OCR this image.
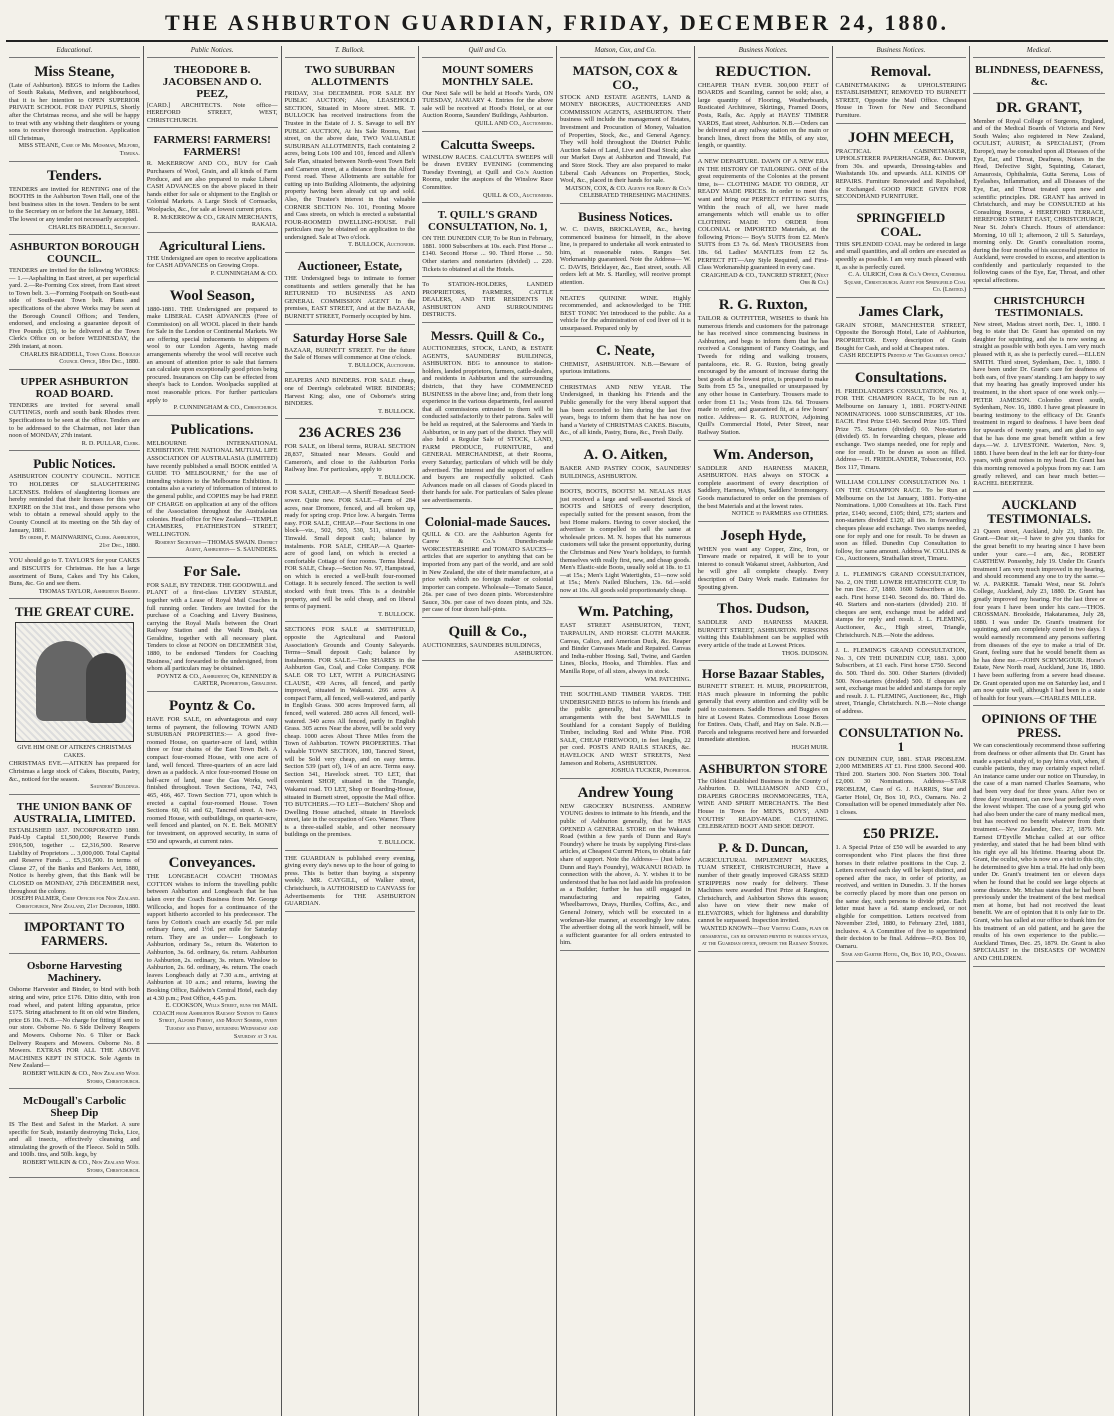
THE ASHBURTON GUARDIAN, FRIDAY, DECEMBER 24, 1880.
Educational.
Miss Steane,
(Late of Ashburton). BEGS to inform the Ladies of South Rakaia, Methven, and neighbourhood, that it is her intention to OPEN SUPERIOR PRIVATE SCHOOL FOR DAY PUPILS, Shortly after the Christmas recess, and she will be happy to treat with any wishing their daughters or young sons to receive thorough instruction. Application till Christmas,
MISS STEANE, Care of Mr. Mossman, Milford, Temuka.
Tenders.
TENDERS are invited for RENTING one of the BOOTHS in the Ashburton Town Hall, one of the best business sites in the town. Tenders to be sent to the Secretary on or before the 1st January, 1881. The lowest or any tender not necessarily accepted.
CHARLES BRADDELL, Secretary.
ASHBURTON BOROUGH COUNCIL.
TENDERS are invited for the following WORKS:— 1.—Asphalting in East street, at per superficial yard. 2.—Re-Forming Cox street, from East street to Town belt. 3.—Forming Footpath on South-east side of South-east Town belt. Plans and specifications of the above Works may be seen at the Borough Council Offices; and Tenders, endorsed, and enclosing a guarantee deposit of Five Pounds (£5), to be delivered at the Town Clerk's Office on or before WEDNESDAY, the 29th instant, at noon.
CHARLES BRADDELL, Town Clerk. Borough Council Office, 18th Dec., 1880.
UPPER ASHBURTON ROAD BOARD.
TENDERS are invited for several small CUTTINGS, north and south bank Rhodes river. Specifications to be seen at the office. Tenders are to be addressed to the Chairman, not later than noon of MONDAY, 27th instant.
R. D. PULLAR, Clerk.
Public Notices.
ASHBURTON COUNTY COUNCIL. NOTICE TO HOLDERS OF SLAUGHTERING LICENSES. Holders of slaughtering licenses are hereby reminded that their licenses for this year EXPIRE on the 31st inst., and those persons who wish to obtain a renewal should apply to the County Council at its meeting on the 5th day of January, 1881.
By order, F. MAINWARING, Clerk. Ashburton, 21st Dec., 1880.
YOU should go to T. TAYLOR'S for your CAKES and BISCUITS for Christmas. He has a large assortment of Buns, Cakes and Try his Cakes, Buns, &c. Go and see them.
THOMAS TAYLOR, Ashburton Bakery.
THE GREAT CURE.
GIVE HIM ONE OF AITKEN'S CHRISTMAS CAKES.
CHRISTMAS EVE.—AITKEN has prepared for Christmas a large stock of Cakes, Biscuits, Pastry, &c., noticed for the season.
Saunders' Buildings.
THE UNION BANK OF AUSTRALIA, LIMITED.
ESTABLISHED 1837. INCORPORATED 1880. Paid-Up Capital £1,500,000; Reserve Funds £916,500, together ... £2,316,500. Reserve Liability of Proprietors ... 3,000,000. Total Capital and Reserve Funds ... £5,316,500. In terms of Clause 27, of the Banks and Bankers Act, 1880, Notice is hereby given, that this Bank will be CLOSED on MONDAY, 27th DECEMBER next, throughout the colony.
JOSEPH PALMER, Chief Officer for New Zealand. Christchurch, New Zealand, 21st December, 1880.
IMPORTANT TO FARMERS.
Osborne Harvesting Machinery.
Osborne Harvester and Binder, to bind with both string and wire, price £176. Ditto ditto, with iron road wheel, and patent lifting apparatus, price £175. String attachment to fit on old wire Binders, price £6 10s. N.B.—No charge for fitting if sent to our store. Osborne No. 6 Side Delivery Reapers and Mowers. Osborne No. 6 Tilter or Back Delivery Reapers and Mowers. Osborne No. 8 Mowers. EXTRAS FOR ALL THE ABOVE MACHINES KEPT IN STOCK. Sole Agents in New Zealand—
ROBERT WILKIN & CO., New Zealand Wool Stores, Christchurch.
McDougall's Carbolic Sheep Dip
IS The Best and Safest in the Market. A sure specific for Scab, instantly destroying Ticks, Lice, and all insects, effectively cleansing and stimulating the growth of the Fleece. Sold in 50lb. and 100lb. tins, and 50lb. kegs, by
ROBERT WILKIN & CO., New Zealand Wool Stores, Christchurch.
Public Notices.
THEODORE B. JACOBSEN AND O. PEEZ,
[CARD.] ARCHITECTS. Note office— HEREFORD STREET, WEST, CHRISTCHURCH.
FARMERS! FARMERS! FARMERS!
R. McKERROW AND CO., BUY for Cash Purchasers of Wool, Grain, and all kinds of Farm Produce, and are also prepared to make Liberal CASH ADVANCES on the above placed in their hands either for sale or shipment to the English or Colonial Markets. A Large Stock of Cornsacks, Woolpacks, &c., for sale at lowest current prices.
R. McKERROW & CO., GRAIN MERCHANTS, RAKAIA.
Agricultural Liens.
THE Undersigned are open to receive applications for CASH ADVANCES on Growing Crops.
P. CUNNINGHAM & CO.
Wool Season,
1880-1881. THE Undersigned are prepared to make LIBERAL CASH ADVANCES (Free of Commission) on all WOOL placed in their hands for Sale in the London or Continental Markets. We are offering special inducements to shippers of wool to our London Agents, having made arrangements whereby the wool will receive such an amount of attention prior to sale that farmers can calculate upon exceptionally good prices being procured. Insurances on Clip can be effected from sheep's back to London. Woolpacks supplied at most reasonable prices. For further particulars apply to
P. CUNNINGHAM & CO., Christchurch.
Publications.
MELBOURNE INTERNATIONAL EXHIBITION. THE NATIONAL MUTUAL LIFE ASSOCIATION OF AUSTRALASIA (LIMITED) have recently published a small BOOK entitled 'A GUIDE TO MELBOURNE,' for the use of intending visitors to the Melbourne Exhibition. It contains also a variety of information of interest to the general public, and COPIES may be had FREE OF CHARGE on application at any of the offices of the Association throughout the Australasian colonies. Head office for New Zealand—TEMPLE CHAMBERS, FEATHERSTON STREET, WELLINGTON.
Resident Secretary—THOMAS SWAIN. District Agent, Ashburton— S. SAUNDERS.
For Sale.
FOR SALE, BY TENDER. THE GOODWILL and PLANT of a first-class LIVERY STABLE, together with a Lease of Royal Mail Coaches in full running order. Tenders are invited for the purchase of a Coaching and Livery Business, carrying the Royal Mails between the Orari Railway Station and the Waihi Bush, via Geraldine, together with all necessary plant. Tenders to close at NOON on DECEMBER 31st, 1880, to be endorsed 'Tenders for Coaching Business,' and forwarded to the undersigned, from whom all particulars may be obtained.
POYNTZ & CO., Ashburton; Or, KENNEDY & CARTER, Proprietors, Geraldine.
Poyntz & Co.
HAVE FOR SALE, on advantageous and easy terms of payment, the following TOWN AND SUBURBAN PROPERTIES:— A good five-roomed House, on quarter-acre of land, within three or four chains of the East Town Belt. A compact four-roomed House, with one acre of land, well fenced. Three-quarters of an acre laid down as a paddock. A nice four-roomed House on half-acre of land, near the Gas Works, well finished throughout. Town Sections, 742, 743, 465, 466, 467. Town Section 771, upon which is erected a capital four-roomed House. Town Sections 60, 61 and 62, Tancred street. A two-roomed House, with outbuildings, on quarter-acre, well fenced and planted, on N. E. Belt. MONEY for investment, on approved security, in sums of £50 and upwards, at current rates.
Conveyances.
THE LONGBEACH COACH! THOMAS COTTON wishes to inform the travelling public between Ashburton and Longbeach that he has taken over the Coach Business from Mr. George Willcocks, and hopes for a continuance of the support hitherto accorded to his predecessor. The fares by Cotton's coach are exactly 5d. per mile ordinary fares, and 1½d. per mile for Saturday return. They are as under— Longbeach to Ashburton, ordinary 5s., return 8s. Waterton to Ashburton, 3s. 6d. ordinary, 6s. return. Ashburton to Ashburton, 2s. ordinary, 3s. return. Winslow to Ashburton, 2s. 6d. ordinary, 4s. return. The coach leaves Longbeach daily at 7.30 a.m., arriving at Ashburton at 10 a.m.; and returns, leaving the Booking Office, Baldwin's Central Hotel, each day at 4.30 p.m.; Post Office, 4.45 p.m.
E. COOKSON, Wills Street, runs the MAIL COACH from Ashburton Railway Station to Green Street, Alford Forest, and Mount Somers, every Tuesday and Friday, returning Wednesday and Saturday at 3 p.m.
T. Bullock.
TWO SUBURBAN ALLOTMENTS
FRIDAY, 31st DECEMBER. FOR SALE BY PUBLIC AUCTION; Also, LEASEHOLD SECTION, Situated in Moore street. MR. T. BULLOCK has received instructions from the Trustee in the Estate of J. S. Savage to sell BY PUBLIC AUCTION, At his Sale Rooms, East street, on the above date, TWO VALUABLE SUBURBAN ALLOTMENTS, Each containing 2 acres, being Lots 100 and 101, fenced and Allen's Sale Plan, situated between North-west Town Belt and Cameron street, at a distance from the Alford Forest road. These Allotments are suitable for cutting up into Building Allotments, the adjoining property having been already cut up and sold. Also, the Trustee's interest in that valuable CORNER SECTION No. 101, Fronting Moore and Cass streets, on which is erected a substantial FOUR-ROOMED DWELLING-HOUSE. Full particulars may be obtained on application to the undersigned. Sale at Two o'clock.
T. BULLOCK, Auctioneer.
Auctioneer, Estate,
THE Undersigned begs to intimate to former constituents and settlers generally that he has RETURNED TO BUSINESS AS AND GENERAL COMMISSION AGENT In the premises, EAST STREET, And at the BAZAAR, BURNETT STREET, Formerly occupied by him.
Saturday Horse Sale
BAZAAR, BURNETT STREET. For the future the Sale of Horses will commence at One o'clock.
T. BULLOCK, Auctioneer.
REAPERS AND BINDERS. FOR SALE cheap, one of Deering's celebrated WIRE BINDERS; Harvest King; also, one of Osborne's string BINDERS.
T. BULLOCK.
236 ACRES 236
FOR SALE, on liberal terms, RURAL SECTION 28,837, Situated near Messrs. Gould and Cameron's, and close to the Ashburton Forks Railway line. For particulars, apply to
T. BULLOCK.
FOR SALE, CHEAP.—A Sheriff Broadcast Seed-sower. Quite new. FOR SALE.—Farm of 284 acres, near Dromore, fenced, and all broken up, ready for spring crop. Price low. A bargain. Terms easy. FOR SALE, CHEAP.—Four Sections in one block—viz., 502, 503, 530, 511, situated in Tinwald. Small deposit cash; balance by instalments. FOR SALE, CHEAP.—A Quarter-acre of good land, on which is erected a comfortable Cottage of four rooms. Terms liberal. FOR SALE, Cheap.—Section No. 97, Hampstead, on which is erected a well-built four-roomed Cottage. It is securely fenced. The section is well stocked with fruit trees. This is a desirable property, and will be sold cheap, and on liberal terms of payment.
T. BULLOCK.
SECTIONS FOR SALE at SMITHFIELD, opposite the Agricultural and Pastoral Association's Grounds and County Saleyards. Terms—Small deposit Cash; balance by instalments. FOR SALE.—Ten SHARES in the Ashburton Gas, Coal, and Coke Company. FOR SALE OR TO LET, WITH A PURCHASING CLAUSE, 439 Acres, all fenced, and partly improved, situated in Wakanui. 266 acres A compact Farm, all fenced, well-watered, and partly in English Grass. 300 acres Improved farm, all fenced, well watered. 280 acres All fenced, well-watered. 340 acres All fenced, partly in English Grass. 305 acres Near the above, will be sold very cheap. 1000 acres About Three Miles from the Town of Ashburton. TOWN PROPERTIES. That valuable TOWN SECTION, 180, Tancred Street, will be Sold very cheap, and on easy terms. Section 539 (part of), 1/4 of an acre. Terms easy. Section 341, Havelock street. TO LET, that convenient SHOP, situated in the Triangle, Wakanui road. TO LET, Shop or Boarding-House, situated in Burnett street, opposite the Mail office. TO BUTCHERS.—TO LET—Butchers' Shop and Dwelling House attached, situate in Havelock street, late in the occupation of Geo. Warner. There is a three-stalled stable, and other necessary buildings on the premises.
T. BULLOCK.
THE GUARDIAN is published every evening, giving every day's news up to the hour of going to press. This is better than buying a sixpenny weekly. MR. CAYGILL, of Walker street, Christchurch, is AUTHORISED to CANVASS for Advertisements for THE ASHBURTON GUARDIAN.
Quill and Co.
MOUNT SOMERS MONTHLY SALE.
Our Next Sale will be held at Hood's Yards, ON TUESDAY, JANUARY 4. Entries for the above sale will be received at Hood's Hotel, or at our Auction Rooms, Saunders' Buildings, Ashburton.
QUILL AND CO., Auctioneers.
Calcutta Sweeps.
WINSLOW RACES. CALCUTTA SWEEPS will be drawn EVERY EVENING (commencing Tuesday Evening), at Quill and Co.'s Auction Rooms, under the auspices of the Winslow Race Committee.
QUILL & CO., Auctioneers.
T. QUILL'S GRAND CONSULTATION, No. 1,
ON THE DUNEDIN CUP, To be Run in February, 1881. 1000 Subscribers at 10s. each. First Horse ... £140. Second Horse ... 90. Third Horse ... 50. Other starters and nonstarters (divided) ... 220. Tickets to obtained at all the Hotels.
To STATION-HOLDERS, LANDED PROPRIETORS, FARMERS, CATTLE DEALERS, AND THE RESIDENTS IN ASHBURTON AND SURROUNDING DISTRICTS.
Messrs. Quill & Co.,
AUCTIONEERS, STOCK, LAND, & ESTATE AGENTS, SAUNDERS' BUILDINGS, ASHBURTON. BEG to announce to station-holders, landed proprietors, farmers, cattle-dealers, and residents in Ashburton and the surrounding districts, that they have COMMENCED BUSINESS in the above line; and, from their long experience in the various departments, feel assured that all commissions entrusted to them will be conducted satisfactorily to their patrons. Sales will be held as required, at the Salerooms and Yards in Ashburton, or in any part of the district. They will also hold a Regular Sale of STOCK, LAND, FARM PRODUCE, FURNITURE, and GENERAL MERCHANDISE, at their Rooms, every Saturday, particulars of which will be duly advertised. The interest and the support of sellers and buyers are respectfully solicited. Cash Advances made on all classes of Goods placed in their hands for sale. For particulars of Sales please see advertisements.
Colonial-made Sauces.
QUILL & CO. are the Ashburton Agents for Carew & Co.'s Dunedin-made WORCESTERSHIRE and TOMATO SAUCES—articles that are superior to anything that can be imported from any part of the world, and are sold in New Zealand, the site of their manufacture, at a price with which no foreign maker or colonial importer can compete. Wholesale—Tomato Sauce, 26s. per case of two dozen pints. Worcestershire Sauce, 30s. per case of two dozen pints, and 32s. per case of four dozen half-pints.
Quill & Co.,
AUCTIONEERS, SAUNDERS BUILDINGS,
ASHBURTON.
Matson, Cox, and Co.
MATSON, COX & CO.,
STOCK AND ESTATE AGENTS, LAND & MONEY BROKERS, AUCTIONEERS AND COMMISSION AGENTS, ASHBURTON. Their business will include the management of Estates, Investment and Procuration of Money, Valuation of Properties, Stock, &c., and General Agency. They will hold throughout the District Public Auction Sales of Land, Live and Dead Stock; also our Market Days at Ashburton and Tinwald, Fat and Store Stock. They are also prepared to make Liberal Cash Advances on Properties, Stock, Wool, &c., placed in their hands for sale.
MATSON, COX, & CO. Agents for Robey & Co.'s CELEBRATED THRESHING MACHINES.
Business Notices.
W. C. DAVIS, BRICKLAYER, &c., having commenced business for himself, in the above line, is prepared to undertake all work entrusted to him, at reasonable rates. Ranges Set. Workmanship guaranteed. Note the Address— W. C. DAVIS, Bricklayer, &c., East street, south. All orders left at Mr. S. Hardley, will receive prompt attention.
NEATE'S QUININE WINE. Highly recommended, and acknowledged to be THE BEST TONIC Yet introduced to the public. As a vehicle for the administration of cod liver oil it is unsurpassed. Prepared only by
C. Neate,
CHEMIST, ASHBURTON. N.B.—Beware of spurious imitations.
CHRISTMAS AND NEW YEAR. The Undersigned, in thanking his Friends and the Public generally for the very liberal support that has been accorded to him during the last five years, begs to inform them that he has now on hand a Variety of CHRISTMAS CAKES. Biscuits, &c., of all kinds, Pastry, Buns, &c., Fresh Daily.
A. O. Aitken,
BAKER AND PASTRY COOK, SAUNDERS' BUILDINGS, ASHBURTON.
BOOTS, BOOTS, BOOTS! M. NEALAS HAS just received a large and well-assorted Stock of BOOTS and SHOES of every description, especially suited for the present season, from the best Home makers. Having to cover stocked, the advertiser is compelled to sell the same at wholesale prices. M. N. hopes that his numerous customers will take the present opportunity, during the Christmas and New Year's holidays, to furnish themselves with really first, new, and cheap goods. Men's Elastic-side Boots, usually sold at 18s. to £1—at 15s.; Men's Light Watertights, £1—now sold at 15s.; Men's Nailed Bluchers, 13s. 6d.—sold now at 10s. All goods sold proportionately cheap.
Wm. Patching,
EAST STREET ASHBURTON, TENT, TARPAULIN, AND HORSE CLOTH MAKER. Canvas, Calico, and American Duck, &c. Reaper and Binder Canvases Made and Repaired. Canvas and India-rubber Hosing. Sail, Twine, and Garden Lines, Blocks, Hooks, and Thimbles. Flax and Manilla Rope, of all sizes, always in stock.
WM. PATCHING.
THE SOUTHLAND TIMBER YARDS. THE UNDERSIGNED BEGS to inform his friends and the public generally, that he has made arrangements with the best SAWMILLS in Southland for a constant Supply of Building Timber, including Red and White Pine. FOR SALE, CHEAP FIREWOOD, in feet lengths, 22 per cord. POSTS AND RAILS STAKES, &c. HAVELOCK AND WEST STREETS, Next Jameson and Roberts, ASHBURTON.
JOSHUA TUCKER, Proprietor.
Andrew Young
NEW GROCERY BUSINESS. ANDREW YOUNG desires to intimate to his friends, and the public of Ashburton generally, that he HAS OPENED A GENERAL STORE on the Wakanui Road (within a few yards of Dunn and Ray's Foundry) where he trusts by supplying First-class articles, at Cheapest Current Prices, to obtain a fair share of support. Note the Address— (Just below Dunn and Ray's Foundry), WAKANUI ROAD. In connection with the above, A. Y. wishes it to be understood that he has not laid aside his profession as a Builder; further he has still engaged in manufacturing and repairing Gates, Wheelbarrows, Drays, Hurdles, Coffins, &c., and General Joinery, which will be executed in a workman-like manner, at exceedingly low rates. The advertiser doing all the work himself, will be a sufficient guarantee for all orders entrusted to him.
Business Notices.
REDUCTION.
CHEAPER THAN EVER. 300,000 FEET of BOARDS and Scantling, cannot be sold; also, a large quantity of Flooring, Weatherboards, Rusticated Architrave, Skirtings, Framed Doors, Posts, Rails, &c. Apply at HAYES' TIMBER YARDS, East street, Ashburton. N.B.—Orders can be delivered at any railway station on the main or branch lines, direct from the Mills, of any size, length, or quantity.
A NEW DEPARTURE. DAWN OF A NEW ERA IN THE HISTORY OF TAILORING. ONE of the great requirements of the Colonies at the present time, is— CLOTHING MADE TO ORDER, AT READY MADE PRICES. In order to meet this want and bring our PERFECT FITTING SUITS, Within the reach of all, we have made arrangements which will enable us to offer CLOTHING MADE TO ORDER from COLONIAL or IMPORTED Materials, at the following Prices:— Boy's SUITS from £2. Men's SUITS from £3 7s. 6d. Men's TROUSERS from 18s. 6d. Ladies' MANTLES from £2 5s. PERFECT FIT—Any Style Required, and First-Class Workmanship guaranteed in every case.
CRAIGHEAD & CO., TANCRED STREET, (Next Orr & Co.)
R. G. Ruxton,
TAILOR & OUTFITTER, WISHES to thank his numerous friends and customers for the patronage he has received since commencing business in Ashburton, and begs to inform them that he has received a Consignment of Fancy Coatings, and Tweeds for riding and walking trousers, pantaloons, etc. R. G. Ruxton, being greatly encouraged by the amount of increase during the best goods at the lowest price, is prepared to make Suits from £5 5s., unequalled or unsurpassed by any other house in Canterbury. Trousers made to order from £1 1s.; Vests from 12s. 6d. Trousers made to order, and guaranteed fit, at a few hours' notice. Address— R. G. RUXTON, Adjoining Quill's Commercial Hotel, Peter Street, near Railway Station.
Wm. Anderson,
SADDLER AND HARNESS MAKER, ASHBURTON. HAS always on STOCK a complete assortment of every description of Saddlery, Harness, Whips, Saddlers' Ironmongery. Goods manufactured to order on the premises of the best Materials and at the lowest rates.
NOTICE to FARMERS and OTHERS.
Joseph Hyde,
WHEN you want any Copper, Zinc, Iron, or Tinware made or repaired, it will be to your interest to consult Wakanui street, Ashburton, And he will give all complete cheaply. Every description of Dairy Work made. Estimates for Spouting given.
Thos. Dudson,
SADDLER AND HARNESS MAKER. BURNETT STREET, ASHBURTON. PERSONS visiting this Establishment can be supplied with every article of the trade at Lowest Prices.
THOS. DUDSON.
Horse Bazaar Stables,
BURNETT STREET. H. MUIR, PROPRIETOR, HAS much pleasure in informing the public generally that every attention and civility will be paid to customers. Saddle Horses and Buggies on hire at Lowest Rates. Commodious Loose Boxes for Entires. Oats, Chaff, and Hay on Sale. N.B.—Parcels and telegrams received here and forwarded immediate attention.
HUGH MUIR.
ASHBURTON STORE
The Oldest Established Business in the County of Ashburton. D. WILLIAMSON AND CO., DRAPERS GROCERS IRONMONGERS, TEA, WINE AND SPIRIT MERCHANTS. The Best House in Town for MEN'S, BOYS', AND YOUTHS' READY-MADE CLOTHING. CELEBRATED BOOT AND SHOE DEPOT.
P. & D. Duncan,
AGRICULTURAL IMPLEMENT MAKERS, TUAM STREET, CHRISTCHURCH, Have a number of their greatly improved GRASS SEED STRIPPERS now ready for delivery. These Machines were awarded First Prize at Rangiora, Christchurch, and Ashburton Shows this season; also have on view their new make of ELEVATORS, which for lightness and durability cannot be surpassed. Inspection invited.
WANTED KNOWN—That Visiting Cards, plain or ornamental, can be obtained printed in various styles, at the Guardian office, opposite the Railway Station.
Business Notices.
Removal.
CABINETMAKING & UPHOLSTERING ESTABLISHMENT, REMOVED TO BURNETT STREET, Opposite the Mail Office. Cheapest House in Town for New and Secondhand Furniture.
JOHN MEECH,
PRACTICAL CABINETMAKER, UPHOLSTERER PAPERHANGER, &c. Drawers from 30s. and upwards, Dressing-tables and Washstands 10s. and upwards. ALL KINDS OF REPAIRS. Furniture Renovated and Repolished, or Exchanged. GOOD PRICE GIVEN FOR SECONDHAND FURNITURE.
SPRINGFIELD COAL.
THIS SPLENDID COAL may be ordered in large and small quantities, and all orders are executed as speedily as possible. I am very much pleased with it, as she is perfectly cured.
C. A. ULRICH, Cobb & Co.'s Office, Cathedral Square, Christchurch. Agent for Springfield Coal Co. (Limited.)
James Clark,
GRAIN STORE, MANCHESTER STREET, Opposite the Borough Hotel, Late of Ashburton, PROPRIETOR. Every description of Grain Bought for Cash, and sold at Cheapest rates.
CASH RECEIPTS Printed at 'The Guardian office.'
Consultations.
H. FRIEDLANDER'S CONSULTATION, No. 1, FOR THE CHAMPION RACE, To be run at Melbourne on January 1, 1881. FORTY-NINE NOMINATIONS. 1000 SUBSCRIBERS, AT 10s. EACH. First Prize £140. Second Prize 105. Third Prize 75. Starters (divided) 60. Non-starters (divided) 65. In forwarding cheques, please add exchange. Two stamps needed, one for reply and one for result. To be drawn as soon as filled. Address— H. FRIEDLANDER, Tobacconist, P.O. Box 117, Timaru.
WILLIAM COLLINS' CONSULTATION No. 1 ON THE CHAMPION RACE. To be Run at Melbourne on the 1st January, 1881. Forty-nine Nominations. 1,000 Consultees at 10s. Each. First prize, £140; second, £105; third, £75; starters and non-starters divided £120; all ties. In forwarding cheques please add exchange. Two stamps needed, one for reply and one for result. To be drawn as soon as filled. Dunedin Cup Consultation to follow, for same amount. Address W. COLLINS & Co., Auctioneers, Strathallan street, Timaru.
J. L. FLEMING'S GRAND CONSULTATION, No. 2, ON THE LOWER HEATHCOTE CUP, To be run Dec. 27, 1880. 1600 Subscribers at 10s. each. First horse £140. Second do. 80. Third do. 40. Starters and non-starters (divided) 210. If cheques are sent, exchange must be added and stamps for reply and result. J. L. FLEMING, Auctioneer, &c., High street, Triangle, Christchurch. N.B.—Note the address.
J. L. FLEMING'S GRAND CONSULTATION, No. 3, ON THE DUNEDIN CUP, 1881. 3,000 Subscribers, at £1 each. First horse £750. Second do. 500. Third do. 300. Other Starters (divided) 500. Non-starters (divided) 500. If cheques are sent, exchange must be added and stamps for reply and result. J. L. FLEMING, Auctioneer, &c., High street, Triangle, Christchurch. N.B.—Note change of address.
CONSULTATION No. 1
ON DUNEDIN CUP, 1881. STAR PROBLEM. 2,000 MEMBERS AT £1. First £800. Second 400. Third 200. Starters 300. Non Starters 300. Total £2,000. 30 Nominations. Address—STAR PROBLEM, Care of G. J. HARRIS, Star and Garter Hotel, Or, Box 10, P.O., Oamaru. No. 2 Consultation will be opened immediately after No. 1 closes.
£50 PRIZE.
1. A Special Prize of £50 will be awarded to any correspondent who First places the first three horses in their relative positions in the Cup. 2. Letters received each day will be kept distinct, and opened after the race, in order of priority, as received, and written in Dunedin. 3. If the horses be correctly placed by more than one person on the same day, such persons to divide prize. Each letter must have a 6d. stamp enclosed, or not eligible for competition. Letters received from November 23rd, 1880, to February 23rd, 1881, inclusive. 4. A Committee of five to superintend their decision to be final. Address—P.O. Box 10, Oamaru.
Star and Garter Hotel, Or, Box 10, P.O., Oamaru.
Medical.
BLINDNESS, DEAFNESS, &c.
DR. GRANT,
Member of Royal College of Surgeons, England, and of the Medical Boards of Victoria and New South Wales; also registered in New Zealand, OCULIST, AURIST, & SPECIALIST, (From Europe), may be consulted upon all Diseases of the Eye, Ear, and Throat, Deafness, Noises in the Head, Defective Sight, Squinting, Cataract, Amaurosis, Ophthalmia, Gutta Serena, Loss of Eyelashes, Inflammation, and all Diseases of the Eye, Ear, and Throat treated upon new and scientific principles. DR. GRANT has arrived in Christchurch, and may be CONSULTED at his Consulting Rooms, 4 HEREFORD TERRACE, HEREFORD STREET EAST, CHRISTCHURCH, Near St. John's Church. Hours of attendance: Morning, 10 till 1; afternoon, 2 till 5. Saturdays, morning only. Dr. Grant's consultation rooms, during the four months of his successful practice in Auckland, were crowded to excess, and attention is confidently and particularly requested to the following cases of the Eye, Ear, Throat, and other special affections.
CHRISTCHURCH TESTIMONIALS.
New street, Madras street north, Dec. 1, 1880. I beg to state that Dr. Grant has operated on my daughter for squinting, and she is now seeing as straight as possible with both eyes. I am very much pleased with it, as she is perfectly cured.—ELLEN SMITH. Third street, Sydenham, Dec. 1, 1880. I have been under Dr. Grant's care for deafness of both ears, of five years' standing. I am happy to say that my hearing has greatly improved under his treatment, in the short space of one week only.—PETER JAMESON. Colombo street south, Sydenham, Nov. 16, 1880. I have great pleasure in bearing testimony to the efficacy of Dr. Grant's treatment in regard to deafness. I have been deaf for upwards of twenty years, and am glad to say that he has done me great benefit within a few days.—W. J. LIVESTONE. Waterton, Nov. 9, 1880. I have been deaf in the left ear for thirty-four years, with great noises in my head. Dr. Grant has this morning removed a polypus from my ear. I am greatly relieved, and can hear much better.—RACHEL BEERTEER.
AUCKLAND TESTIMONIALS.
21 Queen street, Auckland, July 23, 1880. Dr. Grant.—Dear sir,—I have to give you thanks for the great benefit to my hearing since I have been under your care.—I am, &c., ROBERT CARTHEW. Ponsonby, July 19. Under Dr. Grant's treatment I am very much improved in my hearing, and should recommend any one to try the same.—W. A. PARKER. Tamaki West, near St. John's College, Auckland, July 23, 1880. Dr. Grant has greatly improved my hearing. For the last three or four years I have been under his care.—THOS. CROSSMAN. Brookside, Hakataramea, July 28, 1880. I was under Dr. Grant's treatment for squinting, and am completely cured in two days. I would earnestly recommend any persons suffering from diseases of the eye to make a trial of Dr. Grant, feeling sure that he would benefit them as he has done me.—JOHN SCRYMGOUR. Horse's Estate, New North road, Auckland, June 16, 1880. I have been suffering from a severe head disease. Dr. Grant operated upon me on Saturday last, and I am now quite well, although I had been in a state of health for four years.—CHARLES MILLER.
OPINIONS OF THE PRESS.
We can conscientiously recommend those suffering from deafness or other ailments that Dr. Grant has made a special study of, to pay him a visit, when, if curable patients, they may certainly expect relief. An instance came under our notice on Thursday, in the case of a man named Charles Seamans, who had been very deaf for three years. After two or three days' treatment, can now hear perfectly even the lowest whisper. The case of a young girl who had also been under the care of many medical men, but has received no benefit whatever from their treatment.—New Zealander, Dec. 27, 1879. Mr. Earnest D'Eyville Michau called at our office yesterday, and stated that he had been blind with his right eye all his lifetime. Hearing about Dr. Grant, the oculist, who is now on a visit to this city, he determined to give him a trial. He had only been under Dr. Grant's treatment ten or eleven days when he found that he could see large objects at some distance. Mr. Michau states that he had been previously under the treatment of the best medical men at home, but had not received the least benefit. We are of opinion that it is only fair to Dr. Grant, who has called at our office to thank him for his treatment of an old patient, and he gave the results of his own experience to the public.—Auckland Times, Dec. 25, 1879. Dr. Grant is also SPECIALIST in the DISEASES OF WOMEN AND CHILDREN.
